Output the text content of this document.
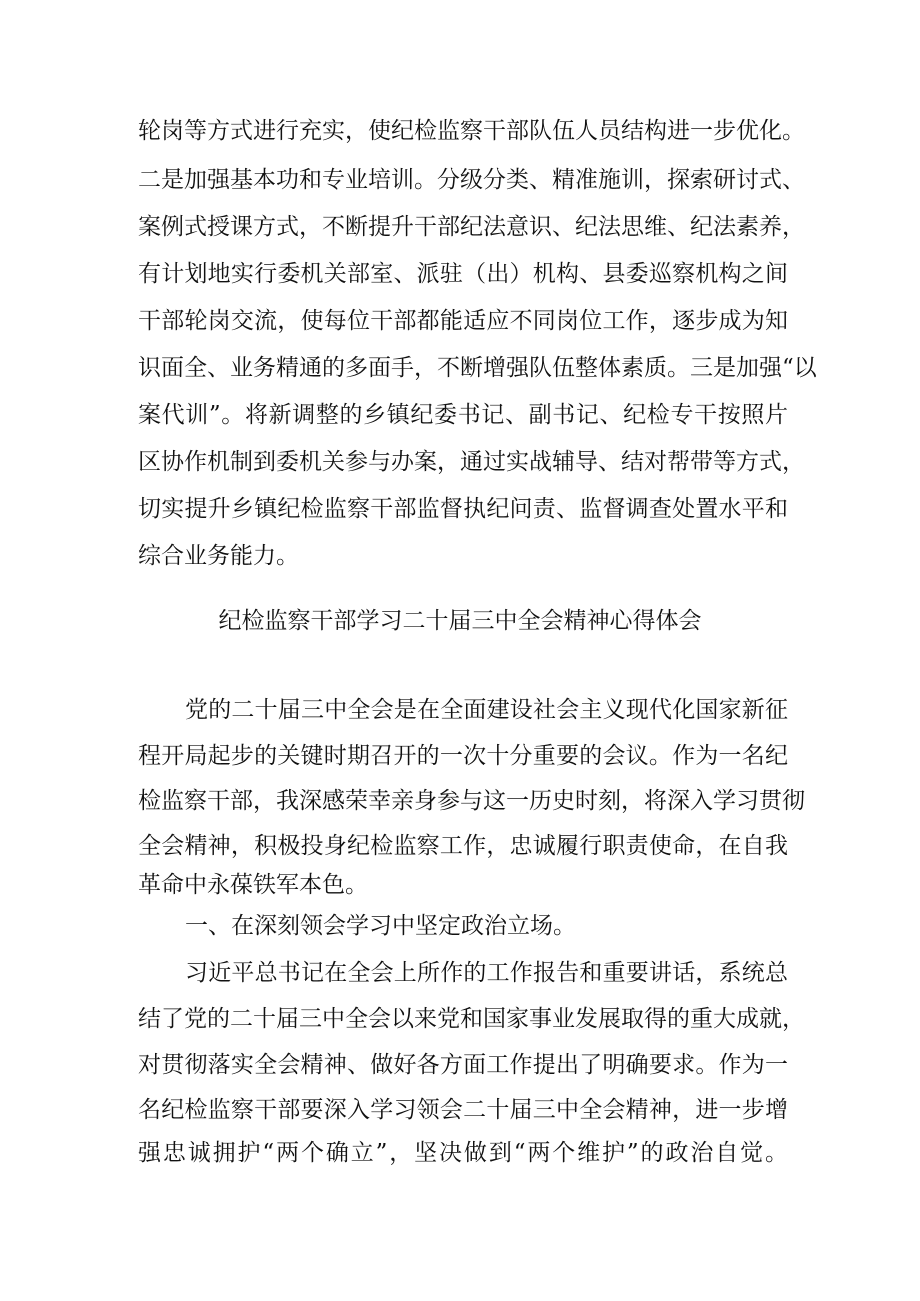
轮岗等方式进行充实，使纪检监察干部队伍人员结构进一步优化。
二是加强基本功和专业培训。分级分类、精准施训，探索研讨式、
案例式授课方式，不断提升干部纪法意识、纪法思维、纪法素养，
有计划地实行委机关部室、派驻（出）机构、县委巡察机构之间
干部轮岗交流，使每位干部都能适应不同岗位工作，逐步成为知
识面全、业务精通的多面手，不断增强队伍整体素质。三是加强“以
案代训”。将新调整的乡镇纪委书记、副书记、纪检专干按照片
区协作机制到委机关参与办案，通过实战辅导、结对帮带等方式，
切实提升乡镇纪检监察干部监督执纪问责、监督调查处置水平和
综合业务能力。
纪检监察干部学习二十届三中全会精神心得体会
党的二十届三中全会是在全面建设社会主义现代化国家新征
程开局起步的关键时期召开的一次十分重要的会议。作为一名纪
检监察干部，我深感荣幸亲身参与这一历史时刻，将深入学习贯彻
全会精神，积极投身纪检监察工作，忠诚履行职责使命，在自我
革命中永葆铁军本色。
一、在深刻领会学习中坚定政治立场。
习近平总书记在全会上所作的工作报告和重要讲话，系统总
结了党的二十届三中全会以来党和国家事业发展取得的重大成就，
对贯彻落实全会精神、做好各方面工作提出了明确要求。作为一
名纪检监察干部要深入学习领会二十届三中全会精神，进一步增
强忠诚拥护“两个确立”，坚决做到“两个维护”的政治自觉。
